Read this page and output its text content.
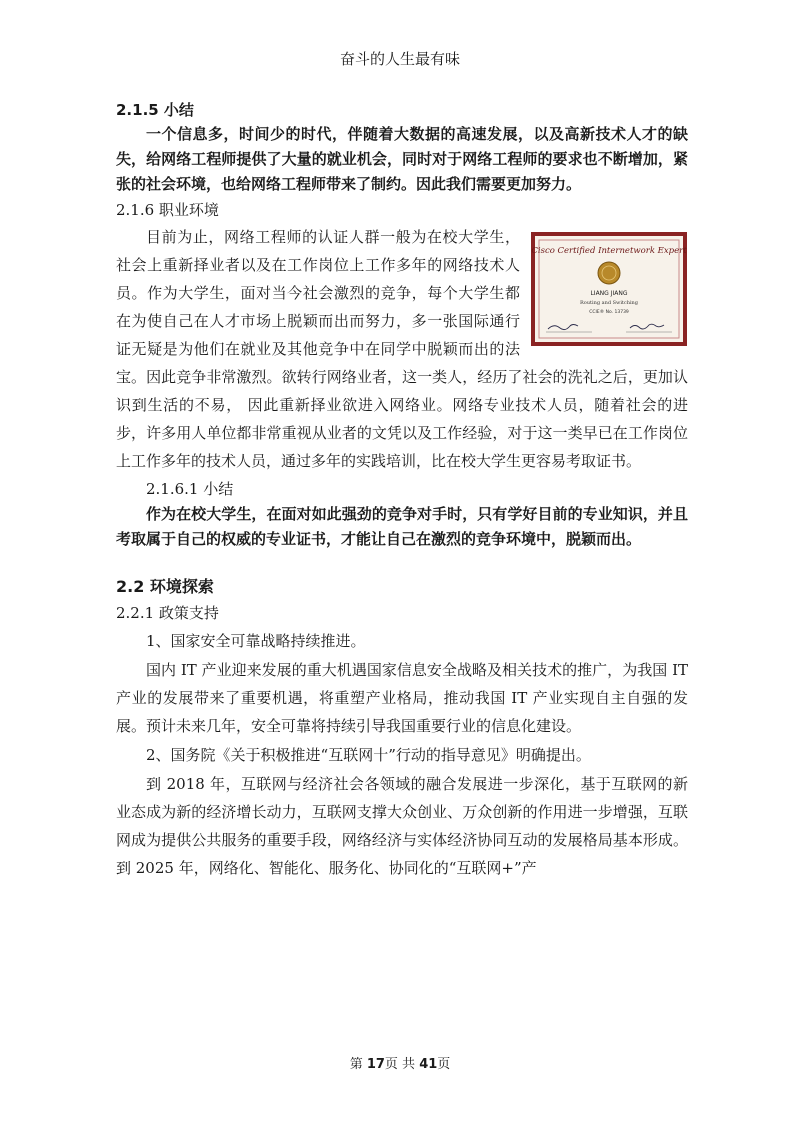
奋斗的人生最有味

2.1.5 小结

一个信息多，时间少的时代，伴随着大数据的高速发展，以及高新技术人才的缺失，给网络工程师提供了大量的就业机会，同时对于网络工程师的要求也不断增加，紧张的社会环境，也给网络工程师带来了制约。因此我们需要更加努力。

2.1.6 职业环境

Cisco Certified Internetwork Expert
LIANG JIANG
Routing and Switching
CCIE® No. 13739
目前为止，网络工程师的认证人群一般为在校大学生，社会上重新择业者以及在工作岗位上工作多年的网络技术人员。作为大学生，面对当今社会激烈的竞争，每个大学生都在为使自己在人才市场上脱颖而出而努力，多一张国际通行证无疑是为他们在就业及其他竞争中在同学中脱颖而出的法宝。因此竞争非常激烈。欲转行网络业者，这一类人，经历了社会的洗礼之后，更加认识到生活的不易， 因此重新择业欲进入网络业。网络专业技术人员，随着社会的进步，许多用人单位都非常重视从业者的文凭以及工作经验，对于这一类早已在工作岗位上工作多年的技术人员，通过多年的实践培训，比在校大学生更容易考取证书。

2.1.6.1 小结

作为在校大学生，在面对如此强劲的竞争对手时，只有学好目前的专业知识，并且考取属于自己的权威的专业证书，才能让自己在激烈的竞争环境中，脱颖而出。

2.2 环境探索

2.2.1 政策支持

1、国家安全可靠战略持续推进。

国内 IT 产业迎来发展的重大机遇国家信息安全战略及相关技术的推广，为我国 IT 产业的发展带来了重要机遇，将重塑产业格局，推动我国 IT 产业实现自主自强的发展。预计未来几年，安全可靠将持续引导我国重要行业的信息化建设。

2、国务院《关于积极推进“互联网十”行动的指导意见》明确提出。

到 2018 年，互联网与经济社会各领域的融合发展进一步深化，基于互联网的新业态成为新的经济增长动力，互联网支撑大众创业、万众创新的作用进一步增强，互联网成为提供公共服务的重要手段，网络经济与实体经济协同互动的发展格局基本形成。到 2025 年，网络化、智能化、服务化、协同化的“互联网+”产

第 17页 共 41页
